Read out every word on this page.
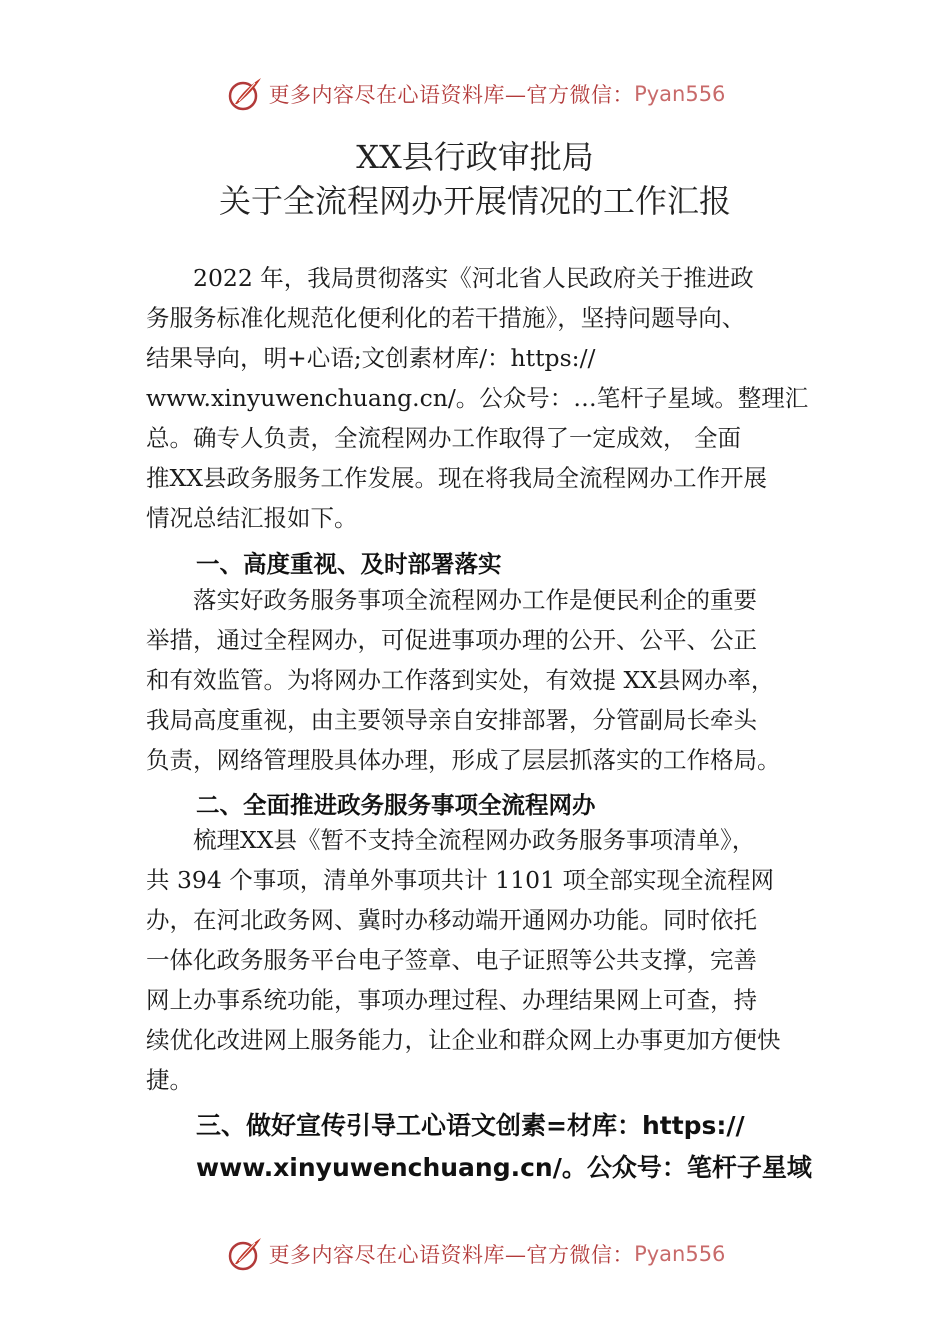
更多内容尽在心语资料库—官方微信： Pyan556
XX县行政审批局
关于全流程网办开展情况的工作汇报
　　2022 年，我局贯彻落实《河北省人民政府关于推进政
务服务标准化规范化便利化的若干措施》，坚持问题导向、
结果导向，明+心语;文创素材库/：https://
www.xinyuwenchuang.cn/。公众号：…笔杆子星域。整理汇
总。确专人负责，全流程网办工作取得了一定成效， 全面
推XX县政务服务工作发展。现在将我局全流程网办工作开展
情况总结汇报如下。
一、高度重视、及时部署落实
　　落实好政务服务事项全流程网办工作是便民利企的重要
举措，通过全程网办，可促进事项办理的公开、公平、公正
和有效监管。为将网办工作落到实处，有效提 XX县网办率，
我局高度重视，由主要领导亲自安排部署，分管副局长牵头
负责，网络管理股具体办理，形成了层层抓落实的工作格局。
二、全面推进政务服务事项全流程网办
　　梳理XX县《暂不支持全流程网办政务服务事项清单》，
共 394 个事项，清单外事项共计 1101 项全部实现全流程网
办，在河北政务网、冀时办移动端开通网办功能。同时依托
一体化政务服务平台电子签章、电子证照等公共支撑，完善
网上办事系统功能，事项办理过程、办理结果网上可查，持
续优化改进网上服务能力，让企业和群众网上办事更加方便快
捷。
三、做好宣传引导工心语文创素=材库：https://
www.xinyuwenchuang.cn/。公众号：笔杆子星域
更多内容尽在心语资料库—官方微信： Pyan556
